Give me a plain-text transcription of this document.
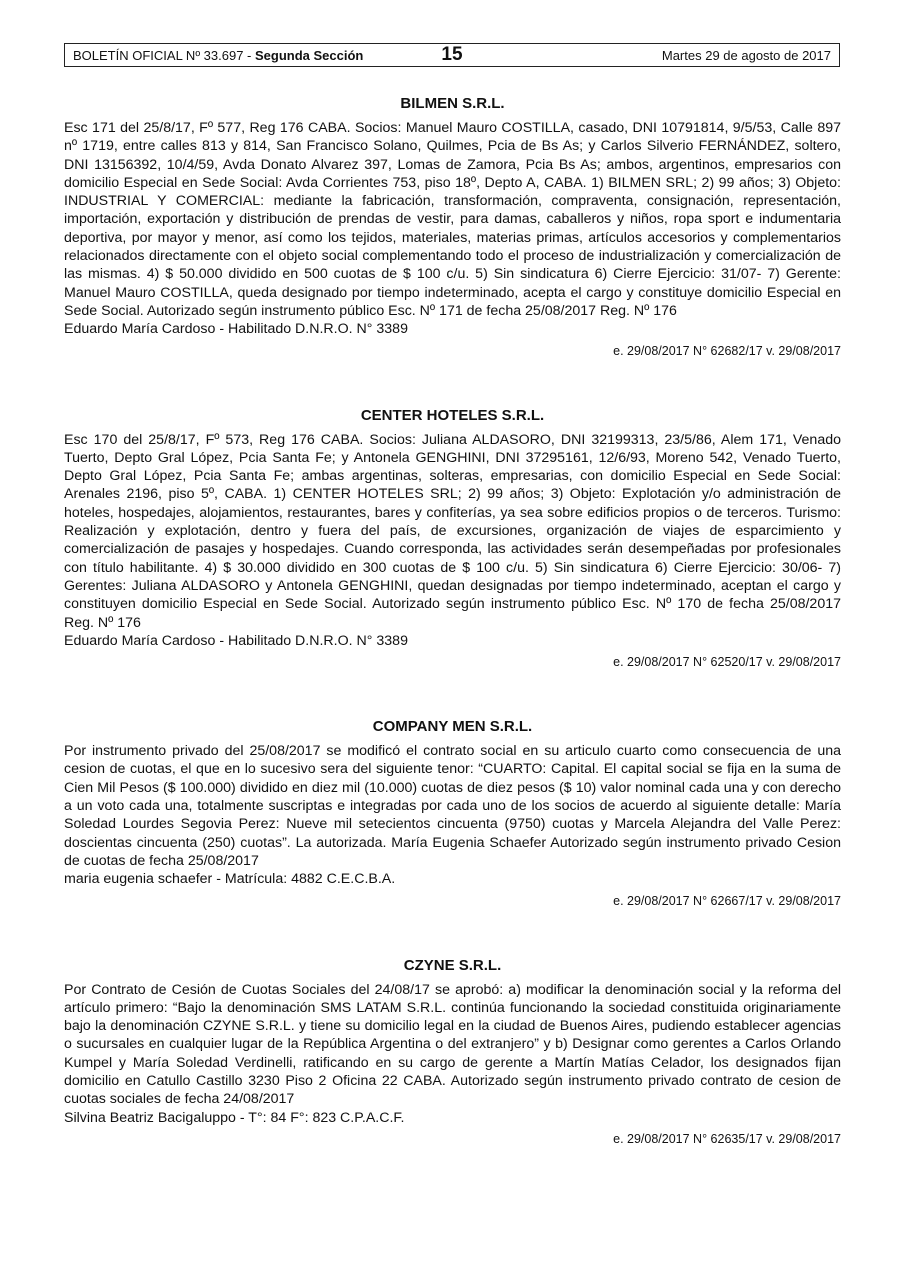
BOLETÍN OFICIAL Nº 33.697 - Segunda Sección	15	Martes 29 de agosto de 2017
BILMEN S.R.L.

Esc 171 del 25/8/17, Fº 577, Reg 176 CABA. Socios: Manuel Mauro COSTILLA, casado, DNI 10791814, 9/5/53, Calle 897 nº 1719, entre calles 813 y 814, San Francisco Solano, Quilmes, Pcia de Bs As; y Carlos Silverio FERNÁNDEZ, soltero, DNI 13156392, 10/4/59, Avda Donato Alvarez 397, Lomas de Zamora, Pcia Bs As; ambos, argentinos, empresarios con domicilio Especial en Sede Social: Avda Corrientes 753, piso 18º, Depto A, CABA. 1) BILMEN SRL; 2) 99 años; 3) Objeto: INDUSTRIAL Y COMERCIAL: mediante la fabricación, transformación, compraventa, consignación, representación, importación, exportación y distribución de prendas de vestir, para damas, caballeros y niños, ropa sport e indumentaria deportiva, por mayor y menor, así como los tejidos, materiales, materias primas, artículos accesorios y complementarios relacionados directamente con el objeto social complementando todo el proceso de industrialización y comercialización de las mismas. 4) $ 50.000 dividido en 500 cuotas de $ 100 c/u. 5) Sin sindicatura 6) Cierre Ejercicio: 31/07- 7) Gerente: Manuel Mauro COSTILLA, queda designado por tiempo indeterminado, acepta el cargo y constituye domicilio Especial en Sede Social. Autorizado según instrumento público Esc. Nº 171 de fecha 25/08/2017 Reg. Nº 176

Eduardo María Cardoso - Habilitado D.N.R.O. N° 3389

e. 29/08/2017 N° 62682/17 v. 29/08/2017
CENTER HOTELES S.R.L.

Esc 170 del 25/8/17, Fº 573, Reg 176 CABA. Socios: Juliana ALDASORO, DNI 32199313, 23/5/86, Alem 171, Venado Tuerto, Depto Gral López, Pcia Santa Fe; y Antonela GENGHINI, DNI 37295161, 12/6/93, Moreno 542, Venado Tuerto, Depto Gral López, Pcia Santa Fe; ambas argentinas, solteras, empresarias, con domicilio Especial en Sede Social: Arenales 2196, piso 5º, CABA. 1) CENTER HOTELES SRL; 2) 99 años; 3) Objeto: Explotación y/o administración de hoteles, hospedajes, alojamientos, restaurantes, bares y confiterías, ya sea sobre edificios propios o de terceros. Turismo: Realización y explotación, dentro y fuera del país, de excursiones, organización de viajes de esparcimiento y comercialización de pasajes y hospedajes. Cuando corresponda, las actividades serán desempeñadas por profesionales con título habilitante. 4) $ 30.000 dividido en 300 cuotas de $ 100 c/u. 5) Sin sindicatura 6) Cierre Ejercicio: 30/06- 7) Gerentes: Juliana ALDASORO y Antonela GENGHINI, quedan designadas por tiempo indeterminado, aceptan el cargo y constituyen domicilio Especial en Sede Social. Autorizado según instrumento público Esc. Nº 170 de fecha 25/08/2017 Reg. Nº 176

Eduardo María Cardoso - Habilitado D.N.R.O. N° 3389

e. 29/08/2017 N° 62520/17 v. 29/08/2017
COMPANY MEN S.R.L.

Por instrumento privado del 25/08/2017 se modificó el contrato social en su articulo cuarto como consecuencia de una cesion de cuotas, el que en lo sucesivo sera del siguiente tenor: “CUARTO: Capital. El capital social se fija en la suma de Cien Mil Pesos ($ 100.000) dividido en diez mil (10.000) cuotas de diez pesos ($ 10) valor nominal cada una y con derecho a un voto cada una, totalmente suscriptas e integradas por cada uno de los socios de acuerdo al siguiente detalle: María Soledad Lourdes Segovia Perez: Nueve mil setecientos cincuenta (9750) cuotas y Marcela Alejandra del Valle Perez: doscientas cincuenta (250) cuotas”. La autorizada. María Eugenia Schaefer Autorizado según instrumento privado Cesion de cuotas de fecha 25/08/2017

maria eugenia schaefer - Matrícula: 4882 C.E.C.B.A.

e. 29/08/2017 N° 62667/17 v. 29/08/2017
CZYNE S.R.L.

Por Contrato de Cesión de Cuotas Sociales del 24/08/17 se aprobó: a) modificar la denominación social y la reforma del artículo primero: “Bajo la denominación SMS LATAM S.R.L. continúa funcionando la sociedad constituida originariamente bajo la denominación CZYNE S.R.L. y tiene su domicilio legal en la ciudad de Buenos Aires, pudiendo establecer agencias o sucursales en cualquier lugar de la República Argentina o del extranjero” y b) Designar como gerentes a Carlos Orlando Kumpel y María Soledad Verdinelli, ratificando en su cargo de gerente a Martín Matías Celador, los designados fijan domicilio en Catullo Castillo 3230 Piso 2 Oficina 22 CABA. Autorizado según instrumento privado contrato de cesion de cuotas sociales de fecha 24/08/2017

Silvina Beatriz Bacigaluppo - T°: 84 F°: 823 C.P.A.C.F.

e. 29/08/2017 N° 62635/17 v. 29/08/2017
